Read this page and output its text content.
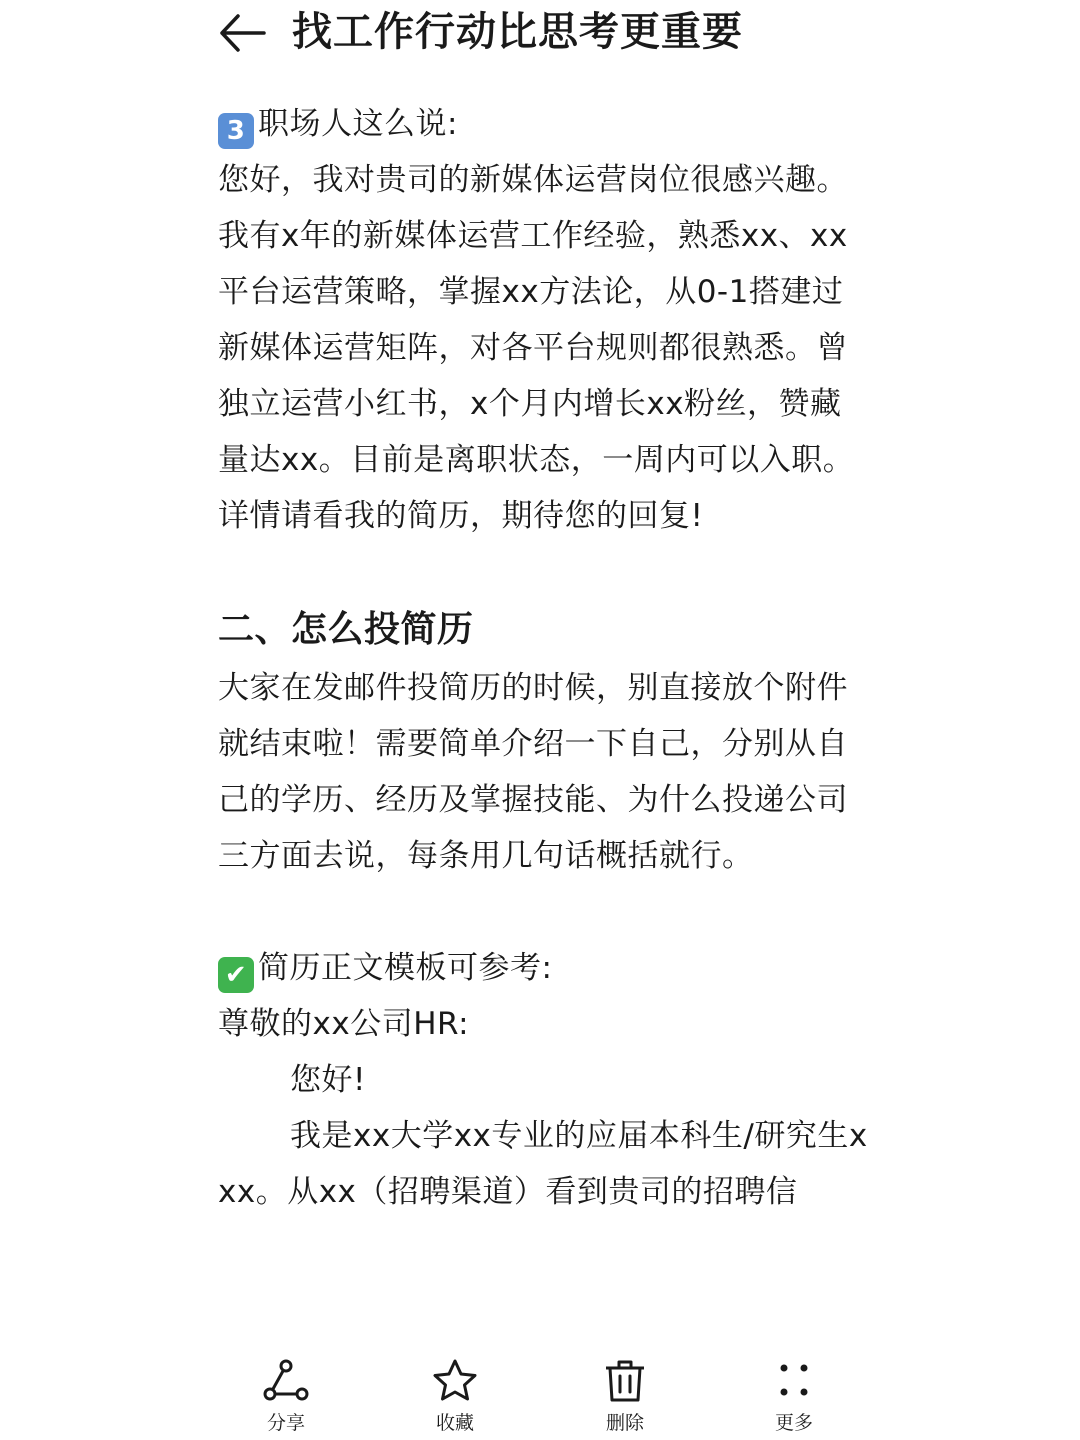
找工作行动比思考更重要

3 职场人这么说:

您好，我对贵司的新媒体运营岗位很感兴趣。我有x年的新媒体运营工作经验，熟悉xx、xx平台运营策略，掌握xx方法论，从0-1搭建过新媒体运营矩阵，对各平台规则都很熟悉。曾独立运营小红书，x个月内增长xx粉丝，赞藏量达xx。目前是离职状态，一周内可以入职。详情请看我的简历，期待您的回复!

二、怎么投简历

大家在发邮件投简历的时候，别直接放个附件就结束啦！需要简单介绍一下自己，分别从自己的学历、经历及掌握技能、为什么投递公司三方面去说，每条用几句话概括就行。

✔ 简历正文模板可参考:

尊敬的xx公司HR:

您好!

我是xx大学xx专业的应届本科生/研究生xxx。从xx（招聘渠道）看到贵司的招聘信

分享	收藏	删除	更多
